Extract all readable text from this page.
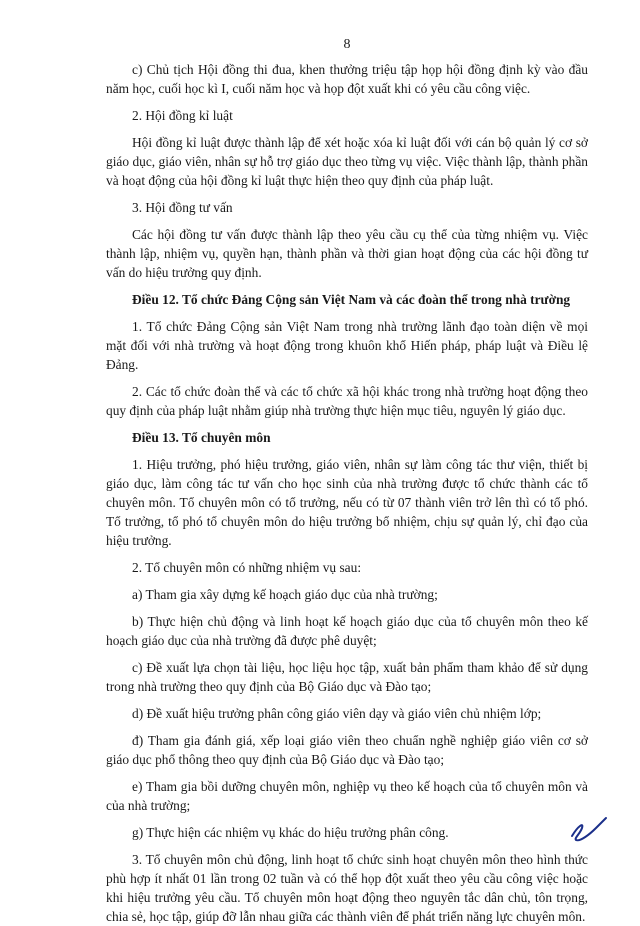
8

c) Chủ tịch Hội đồng thi đua, khen thưởng triệu tập họp hội đồng định kỳ vào đầu năm học, cuối học kì I, cuối năm học và họp đột xuất khi có yêu cầu công việc.

2. Hội đồng kỉ luật

Hội đồng kỉ luật được thành lập để xét hoặc xóa kỉ luật đối với cán bộ quản lý cơ sở giáo dục, giáo viên, nhân sự hỗ trợ giáo dục theo từng vụ việc. Việc thành lập, thành phần và hoạt động của hội đồng kỉ luật thực hiện theo quy định của pháp luật.

3. Hội đồng tư vấn

Các hội đồng tư vấn được thành lập theo yêu cầu cụ thể của từng nhiệm vụ. Việc thành lập, nhiệm vụ, quyền hạn, thành phần và thời gian hoạt động của các hội đồng tư vấn do hiệu trưởng quy định.

Điều 12. Tổ chức Đảng Cộng sản Việt Nam và các đoàn thể trong nhà trường

1. Tổ chức Đảng Cộng sản Việt Nam trong nhà trường lãnh đạo toàn diện về mọi mặt đối với nhà trường và hoạt động trong khuôn khổ Hiến pháp, pháp luật và Điều lệ Đảng.

2. Các tổ chức đoàn thể và các tổ chức xã hội khác trong nhà trường hoạt động theo quy định của pháp luật nhằm giúp nhà trường thực hiện mục tiêu, nguyên lý giáo dục.

Điều 13. Tổ chuyên môn

1. Hiệu trưởng, phó hiệu trưởng, giáo viên, nhân sự làm công tác thư viện, thiết bị giáo dục, làm công tác tư vấn cho học sinh của nhà trường được tổ chức thành các tổ chuyên môn. Tổ chuyên môn có tổ trưởng, nếu có từ 07 thành viên trở lên thì có tổ phó. Tổ trưởng, tổ phó tổ chuyên môn do hiệu trưởng bổ nhiệm, chịu sự quản lý, chỉ đạo của hiệu trưởng.

2. Tổ chuyên môn có những nhiệm vụ sau:

a) Tham gia xây dựng kế hoạch giáo dục của nhà trường;

b) Thực hiện chủ động và linh hoạt kế hoạch giáo dục của tổ chuyên môn theo kế hoạch giáo dục của nhà trường đã được phê duyệt;

c) Đề xuất lựa chọn tài liệu, học liệu học tập, xuất bản phẩm tham khảo để sử dụng trong nhà trường theo quy định của Bộ Giáo dục và Đào tạo;

d) Đề xuất hiệu trưởng phân công giáo viên dạy và giáo viên chủ nhiệm lớp;

đ) Tham gia đánh giá, xếp loại giáo viên theo chuẩn nghề nghiệp giáo viên cơ sở giáo dục phổ thông theo quy định của Bộ Giáo dục và Đào tạo;

e) Tham gia bồi dưỡng chuyên môn, nghiệp vụ theo kế hoạch của tổ chuyên môn và của nhà trường;

g) Thực hiện các nhiệm vụ khác do hiệu trưởng phân công.

3. Tổ chuyên môn chủ động, linh hoạt tổ chức sinh hoạt chuyên môn theo hình thức phù hợp ít nhất 01 lần trong 02 tuần và có thể họp đột xuất theo yêu cầu công việc hoặc khi hiệu trưởng yêu cầu. Tổ chuyên môn hoạt động theo nguyên tắc dân chủ, tôn trọng, chia sẻ, học tập, giúp đỡ lẫn nhau giữa các thành viên để phát triển năng lực chuyên môn.
